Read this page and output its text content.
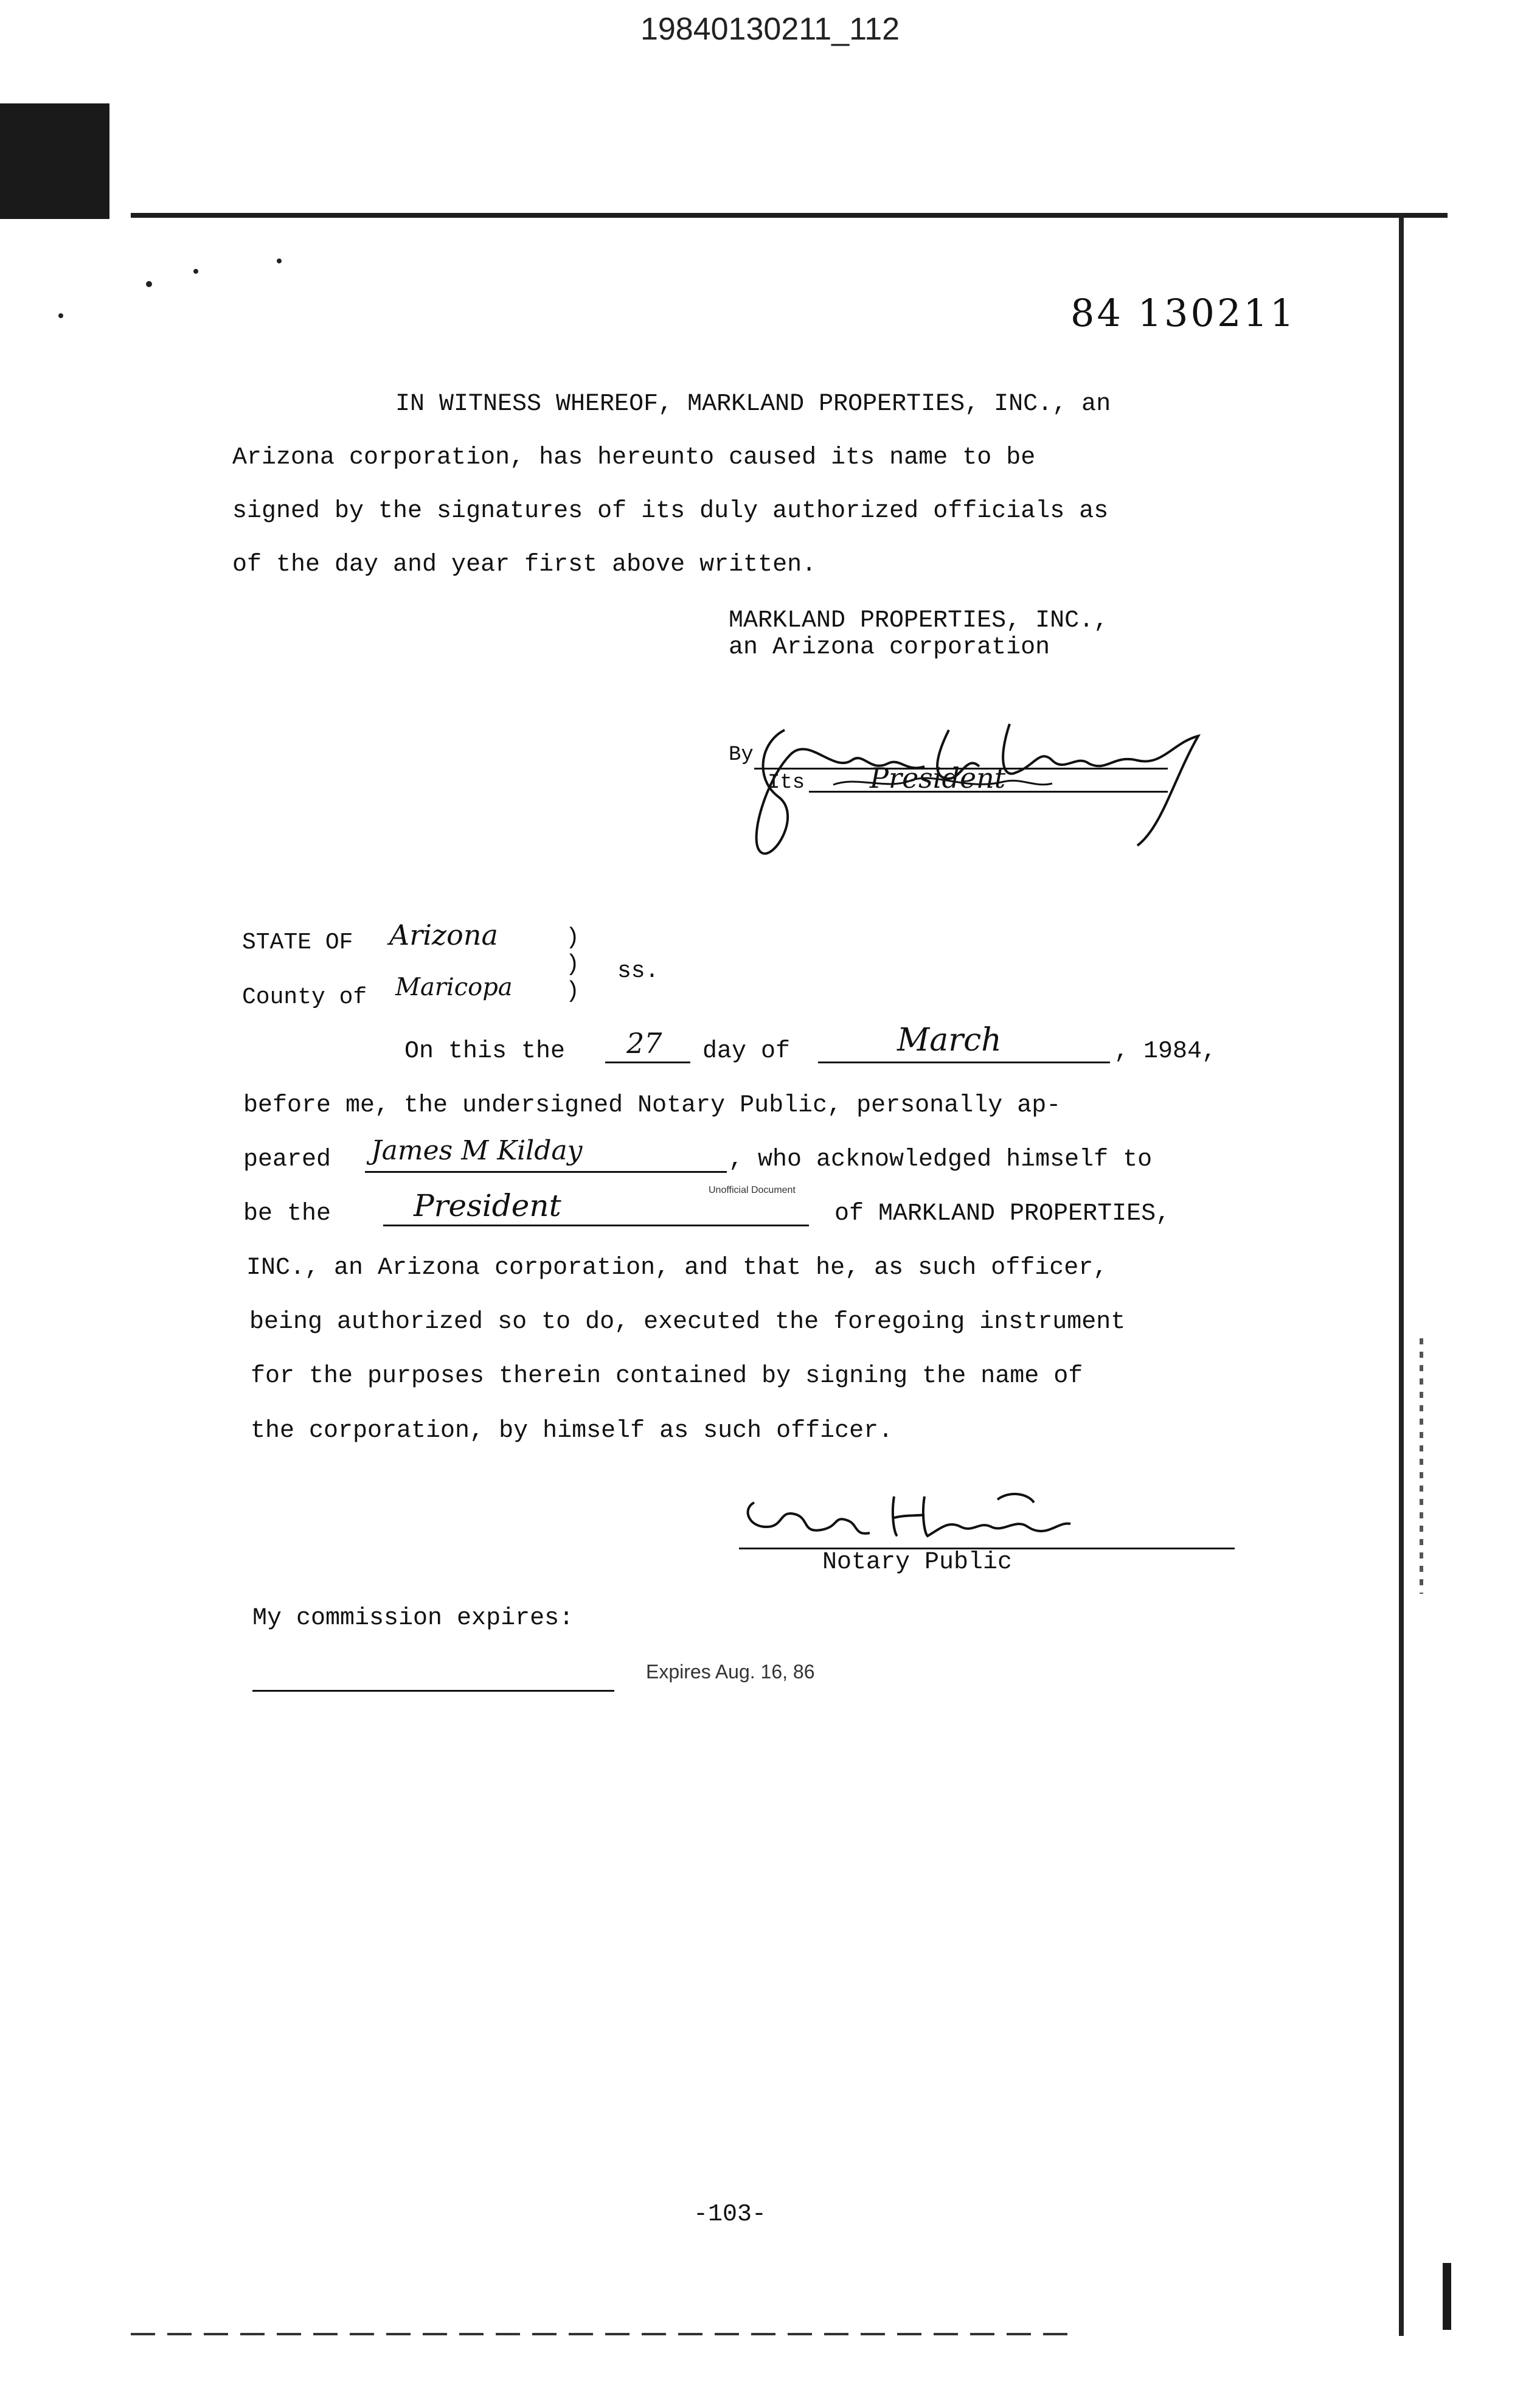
19840130211_112
84 130211
IN WITNESS WHEREOF, MARKLAND PROPERTIES, INC., an
Arizona corporation, has hereunto caused its name to be
signed by the signatures of its duly authorized officials as
of the day and year first above written.
MARKLAND PROPERTIES, INC.,
an Arizona corporation
By
Its President
STATE OF Arizona
County of Maricopa
)
)
)
ss.
On this the 27 day of	March	, 1984,
before me, the undersigned Notary Public, personally ap-
peared James M Kilday	, who acknowledged himself to
Unofficial Document
be the	President	of MARKLAND PROPERTIES,
INC., an Arizona corporation, and that he, as such officer,
being authorized so to do, executed the foregoing instrument
for the purposes therein contained by signing the name of
the corporation, by himself as such officer.
Notary Public
My commission expires:
Expires Aug. 16, 86
-103-
